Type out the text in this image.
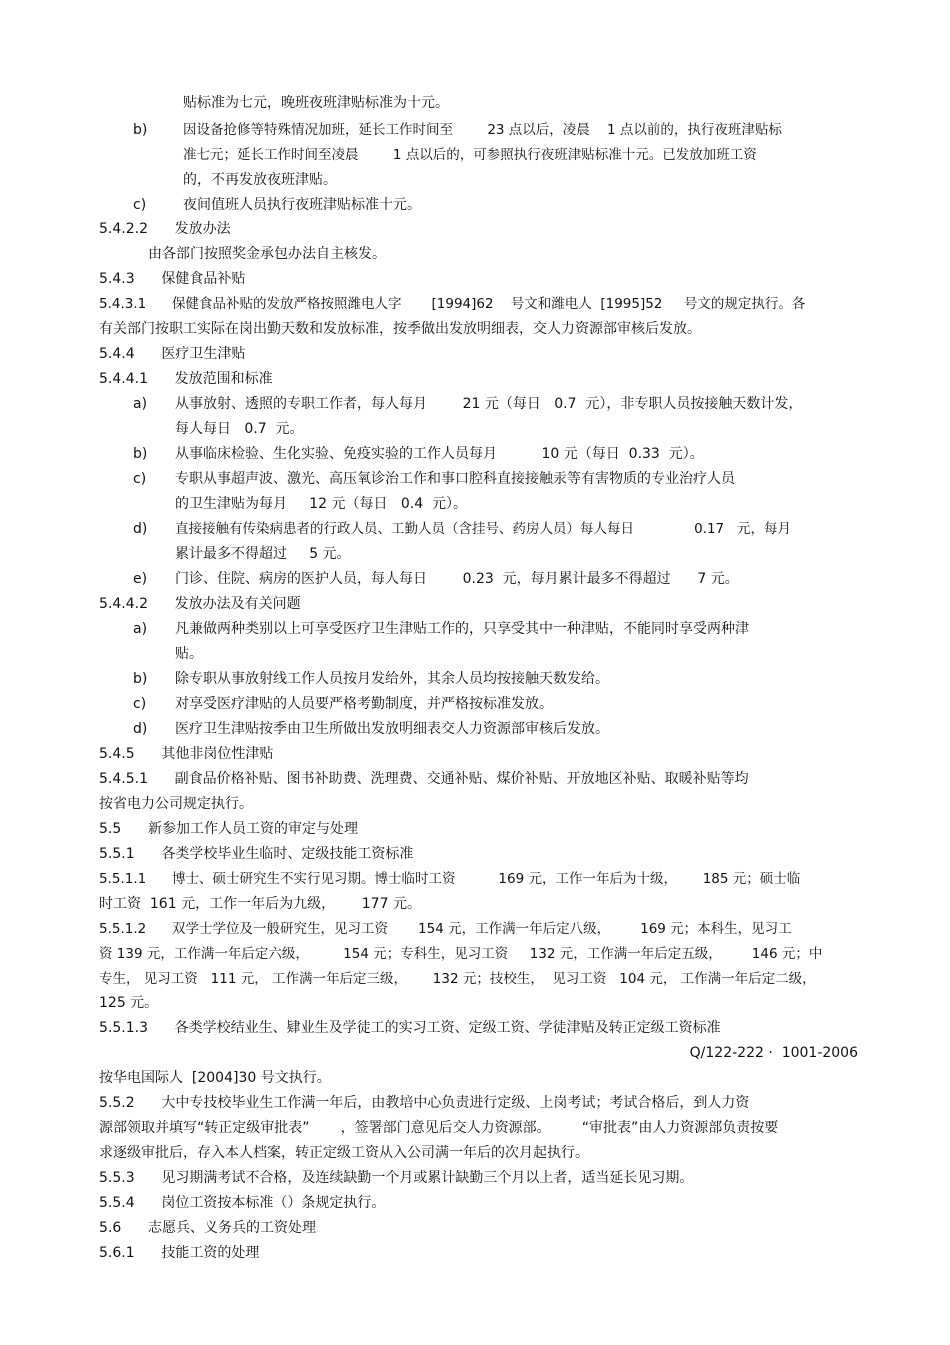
贴标准为七元，晚班夜班津贴标准为十元。
b)	因设备抢修等特殊情况加班，延长工作时间至        23 点以后，凌晨    1 点以前的，执行夜班津贴标
准七元；延长工作时间至凌晨        1 点以后的，可参照执行夜班津贴标准十元。已发放加班工资
的，不再发放夜班津贴。
c)	夜间值班人员执行夜班津贴标准十元。
5.4.2.2      发放办法
由各部门按照奖金承包办法自主核发。
5.4.3      保健食品补贴
5.4.3.1      保健食品补贴的发放严格按照潍电人字       [1994]62    号文和潍电人  [1995]52     号文的规定执行。各
有关部门按职工实际在岗出勤天数和发放标准，按季做出发放明细表，交人力资源部审核后发放。
5.4.4      医疗卫生津贴
5.4.4.1      发放范围和标准
a) 从事放射、透照的专职工作者，每人每月        21 元（每日   0.7  元），非专职人员按接触天数计发，
每人每日   0.7  元。
b) 从事临床检验、生化实验、免疫实验的工作人员每月          10 元（每日  0.33  元）。
c) 专职从事超声波、激光、高压氧诊治工作和事口腔科直接接触汞等有害物质的专业治疗人员
的卫生津贴为每月     12 元（每日   0.4  元）。
d) 直接接触有传染病患者的行政人员、工勤人员（含挂号、药房人员）每人每日              0.17   元，每月
累计最多不得超过     5 元。
e) 门诊、住院、病房的医护人员，每人每日        0.23  元，每月累计最多不得超过      7 元。
5.4.4.2      发放办法及有关问题
a) 凡兼做两种类别以上可享受医疗卫生津贴工作的，只享受其中一种津贴，不能同时享受两种津
贴。
b) 除专职从事放射线工作人员按月发给外，其余人员均按接触天数发给。
c) 对享受医疗津贴的人员要严格考勤制度，并严格按标准发放。
d) 医疗卫生津贴按季由卫生所做出发放明细表交人力资源部审核后发放。
5.4.5      其他非岗位性津贴
5.4.5.1      副食品价格补贴、图书补助费、洗理费、交通补贴、煤价补贴、开放地区补贴、取暖补贴等均
按省电力公司规定执行。
5.5      新参加工作人员工资的审定与处理
5.5.1      各类学校毕业生临时、定级技能工资标准
5.5.1.1      博士、硕士研究生不实行见习期。博士临时工资          169 元，工作一年后为十级，      185 元；硕士临
时工资  161 元，工作一年后为九级，      177 元。
5.5.1.2      双学士学位及一般研究生，见习工资       154 元，工作满一年后定八级，       169 元；本科生，见习工
资 139 元，工作满一年后定六级，        154 元；专科生，见习工资     132 元，工作满一年后定五级，       146 元；中
专生， 见习工资   111 元， 工作满一年后定三级，      132 元；技校生，  见习工资   104 元， 工作满一年后定二级，
125 元。
5.5.1.3      各类学校结业生、肄业生及学徒工的实习工资、定级工资、学徒津贴及转正定级工资标准
Q/122-222 ·  1001-2006
按华电国际人  [2004]30 号文执行。
5.5.2      大中专技校毕业生工作满一年后，由教培中心负责进行定级、上岗考试；考试合格后，到人力资
源部领取并填写“转正定级审批表”       ，签署部门意见后交人力资源部。       “审批表”由人力资源部负责按要
求逐级审批后，存入本人档案，转正定级工资从入公司满一年后的次月起执行。
5.5.3      见习期满考试不合格，及连续缺勤一个月或累计缺勤三个月以上者，适当延长见习期。
5.5.4      岗位工资按本标准（）条规定执行。
5.6      志愿兵、义务兵的工资处理
5.6.1      技能工资的处理
